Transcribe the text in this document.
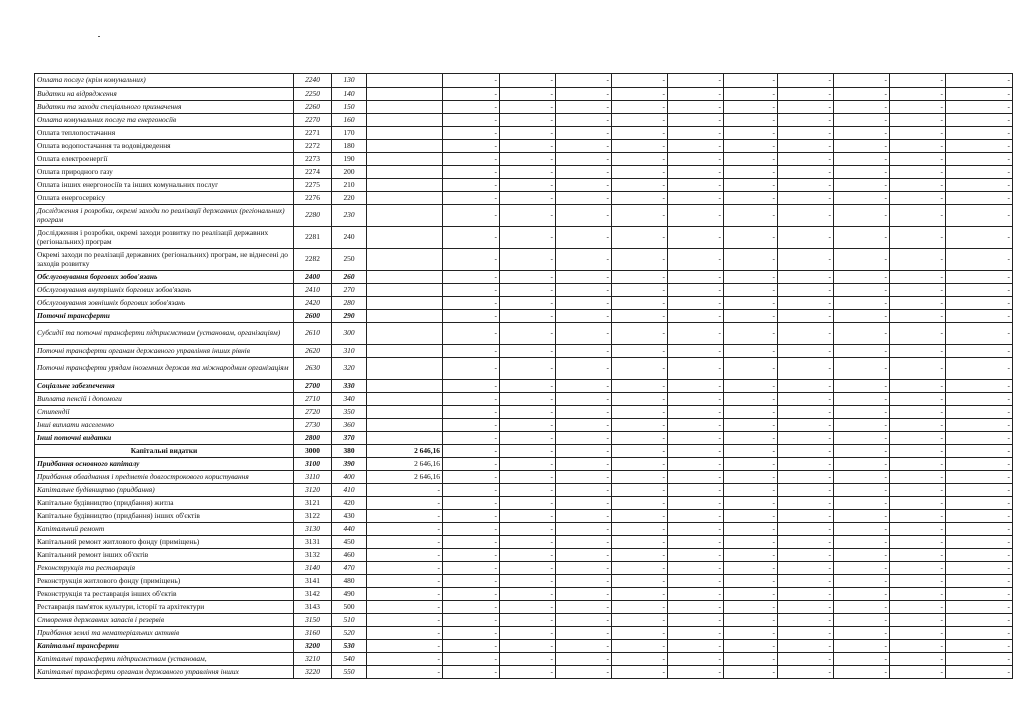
Оплата послуг (крім комунальних)	2240	130		-	-	-	-	-	-	-	-	-	-
Видатки на відрядження	2250	140		-	-	-	-	-	-	-	-	-	-
Видатки та заходи спеціального призначення	2260	150		-	-	-	-	-	-	-	-	-	-
Оплата комунальних послуг та енергоносіїв	2270	160		-	-	-	-	-	-	-	-	-	-
Оплата теплопостачання	2271	170		-	-	-	-	-	-	-	-	-	-
Оплата водопостачання та водовідведення	2272	180		-	-	-	-	-	-	-	-	-	-
Оплата електроенергії	2273	190		-	-	-	-	-	-	-	-	-	-
Оплата природного газу	2274	200		-	-	-	-	-	-	-	-	-	-
Оплата інших енергоносіїв та інших комунальних послуг	2275	210		-	-	-	-	-	-	-	-	-	-
Оплата енергосервісу	2276	220		-	-	-	-	-	-	-	-	-	-
Дослідження і розробки, окремі заходи по реалізації державних (регіональних) програм	2280	230		-	-	-	-	-	-	-	-	-	-
Дослідження і розробки, окремі заходи розвитку по реалізації державних (регіональних) програм	2281	240		-	-	-	-	-	-	-	-	-	-
Окремі заходи по реалізації державних (регіональних) програм, не віднесені до заходів розвитку	2282	250		-	-	-	-	-	-	-	-	-	-
Обслуговування боргових зобов'язань	2400	260		-	-	-	-	-	-	-	-	-	-
Обслуговування внутрішніх боргових зобов'язань	2410	270		-	-	-	-	-	-	-	-	-	-
Обслуговування зовнішніх боргових зобов'язань	2420	280		-	-	-	-	-	-	-	-	-	-
Поточні трансферти	2600	290		-	-	-	-	-	-	-	-	-	-
Субсидії та поточні трансферти підприємствам (установам, організаціям)	2610	300		-	-	-	-	-	-	-	-	-	-
Поточні трансферти органам державного управління інших рівнів	2620	310		-	-	-	-	-	-	-	-	-	-
Поточні трансферти урядам іноземних держав та міжнародним організаціям	2630	320		-	-	-	-	-	-	-	-	-	-
Соціальне забезпечення	2700	330		-	-	-	-	-	-	-	-	-	-
Виплата пенсій і допомоги	2710	340		-	-	-	-	-	-	-	-	-	-
Стипендії	2720	350		-	-	-	-	-	-	-	-	-	-
Інші виплати населенню	2730	360		-	-	-	-	-	-	-	-	-	-
Інші поточні видатки	2800	370		-	-	-	-	-	-	-	-	-	-
Капітальні видатки	3000	380	2 646,16	-	-	-	-	-	-	-	-	-	-
Придбання основного капіталу	3100	390	2 646,16	-	-	-	-	-	-	-	-	-	-
Придбання обладнання і предметів довгострокового користування	3110	400	2 646,16	-	-	-	-	-	-	-	-	-	-
Капітальне будівництво (придбання)	3120	410	-	-	-	-	-	-	-	-	-	-	-
Капітальне будівництво (придбання) житла	3121	420	-	-	-	-	-	-	-	-	-	-	-
Капітальне будівництво (придбання) інших об'єктів	3122	430	-	-	-	-	-	-	-	-	-	-	-
Капітальний ремонт	3130	440	-	-	-	-	-	-	-	-	-	-	-
Капітальний ремонт житлового фонду (приміщень)	3131	450	-	-	-	-	-	-	-	-	-	-	-
Капітальний ремонт інших об'єктів	3132	460	-	-	-	-	-	-	-	-	-	-	-
Реконструкція та реставрація	3140	470	-	-	-	-	-	-	-	-	-	-	-
Реконструкція житлового фонду (приміщень)	3141	480	-	-	-	-	-	-	-	-	-	-	-
Реконструкція та реставрація інших об'єктів	3142	490	-	-	-	-	-	-	-	-	-	-	-
Реставрація пам'яток культури, історії та архітектури	3143	500	-	-	-	-	-	-	-	-	-	-	-
Створення державних запасів і резервів	3150	510	-	-	-	-	-	-	-	-	-	-	-
Придбання землі та нематеріальних активів	3160	520	-	-	-	-	-	-	-	-	-	-	-
Капітальні трансферти	3200	530	-	-	-	-	-	-	-	-	-	-	-
Капітальні трансферти підприємствам (установам,	3210	540	-	-	-	-	-	-	-	-	-	-	-
Капітальні трансферти органам державного управління інших	3220	550	-	-	-	-	-	-	-	-	-	-	-
